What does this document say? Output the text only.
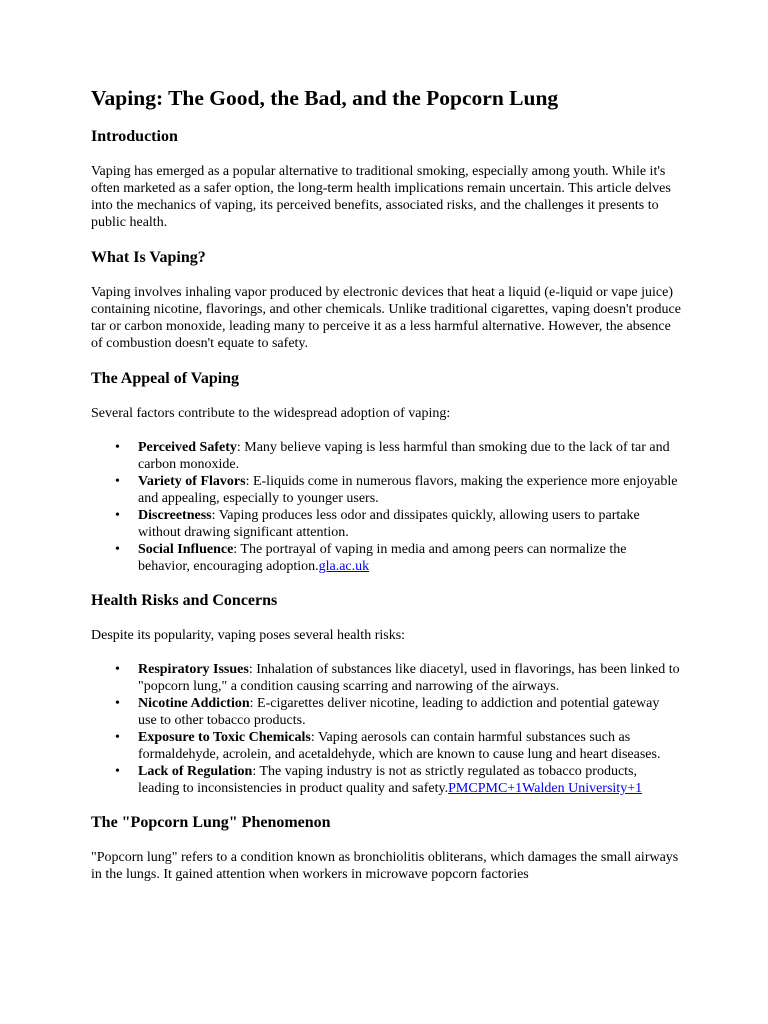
Vaping: The Good, the Bad, and the Popcorn Lung
Introduction

Vaping has emerged as a popular alternative to traditional smoking, especially among youth. While it's often marketed as a safer option, the long-term health implications remain uncertain. This article delves into the mechanics of vaping, its perceived benefits, associated risks, and the challenges it presents to public health.

What Is Vaping?

Vaping involves inhaling vapor produced by electronic devices that heat a liquid (e-liquid or vape juice) containing nicotine, flavorings, and other chemicals. Unlike traditional cigarettes, vaping doesn't produce tar or carbon monoxide, leading many to perceive it as a less harmful alternative. However, the absence of combustion doesn't equate to safety.

The Appeal of Vaping

Several factors contribute to the widespread adoption of vaping:

• Perceived Safety: Many believe vaping is less harmful than smoking due to the lack of tar and carbon monoxide.
• Variety of Flavors: E-liquids come in numerous flavors, making the experience more enjoyable and appealing, especially to younger users.
• Discreetness: Vaping produces less odor and dissipates quickly, allowing users to partake without drawing significant attention.
• Social Influence: The portrayal of vaping in media and among peers can normalize the behavior, encouraging adoption.gla.ac.uk
Health Risks and Concerns

Despite its popularity, vaping poses several health risks:

• Respiratory Issues: Inhalation of substances like diacetyl, used in flavorings, has been linked to "popcorn lung," a condition causing scarring and narrowing of the airways.
• Nicotine Addiction: E-cigarettes deliver nicotine, leading to addiction and potential gateway use to other tobacco products.
• Exposure to Toxic Chemicals: Vaping aerosols can contain harmful substances such as formaldehyde, acrolein, and acetaldehyde, which are known to cause lung and heart diseases.
• Lack of Regulation: The vaping industry is not as strictly regulated as tobacco products, leading to inconsistencies in product quality and safety.PMCPMC+1Walden University+1
The "Popcorn Lung" Phenomenon

"Popcorn lung" refers to a condition known as bronchiolitis obliterans, which damages the small airways in the lungs. It gained attention when workers in microwave popcorn factories
